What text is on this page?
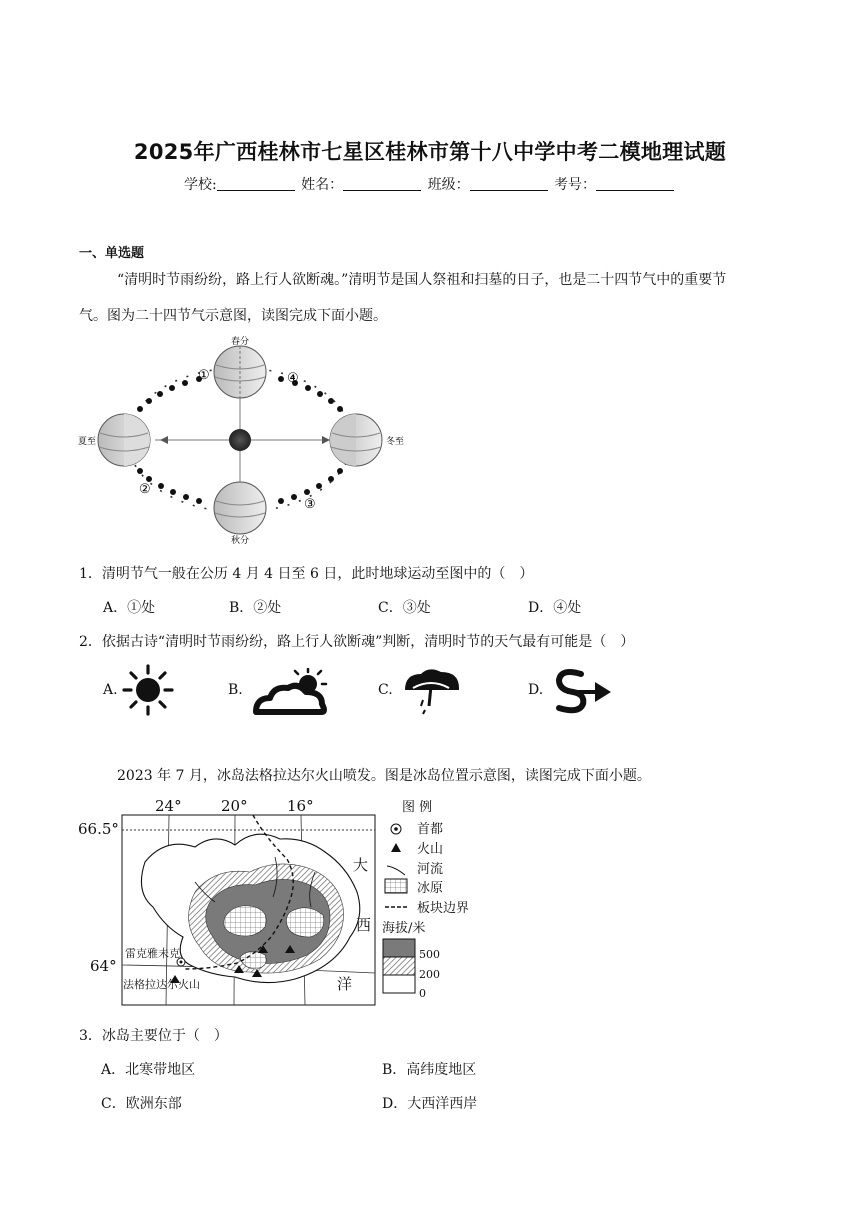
2025年广西桂林市七星区桂林市第十八中学中考二模地理试题
学校:	姓名：	班级：	考号：
一、单选题
“清明时节雨纷纷，路上行人欲断魂。”清明节是国人祭祖和扫墓的日子，也是二十四节气中的重要节
气。图为二十四节气示意图，读图完成下面小题。
春分
夏至	冬至
秋分
①
②
③
④
1．清明节气一般在公历 4 月 4 日至 6 日，此时地球运动至图中的（　）
A．①处	B．②处	C．③处	D．④处
2．依据古诗“清明时节雨纷纷，路上行人欲断魂”判断，清明时节的天气最有可能是（　）
A.	B.	C.	D.
2023 年 7 月，冰岛法格拉达尔火山喷发。图是冰岛位置示意图，读图完成下面小题。
24°	20°	16°
66.5°
64°
大
西
洋
雷克雅未克
法格拉达尔火山
图 例
首都
火山
河流
冰原
板块边界
海拔/米
500
200
0
3．冰岛主要位于（　）
A．北寒带地区	B．高纬度地区
C．欧洲东部	D．大西洋西岸
